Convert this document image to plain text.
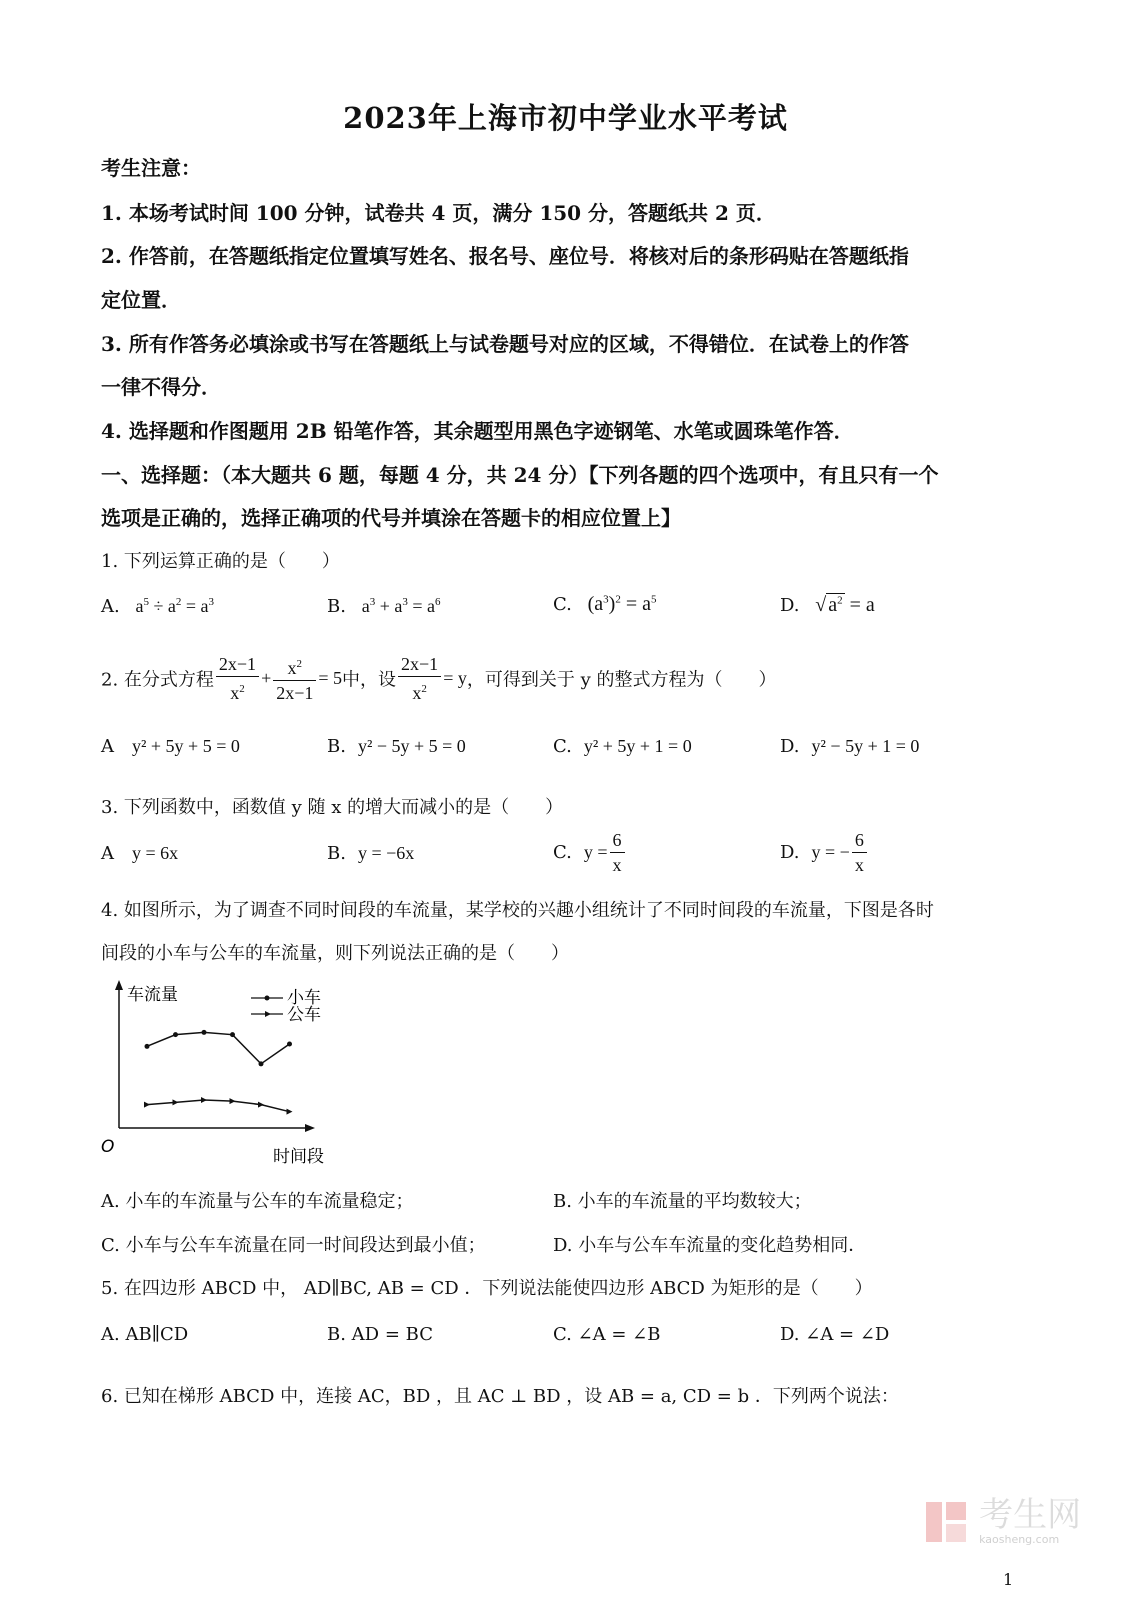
2023年上海市初中学业水平考试
考生注意：
1. 本场考试时间 100 分钟，试卷共 4 页，满分 150 分，答题纸共 2 页．
2. 作答前，在答题纸指定位置填写姓名、报名号、座位号．将核对后的条形码贴在答题纸指
定位置．
3. 所有作答务必填涂或书写在答题纸上与试卷题号对应的区域，不得错位．在试卷上的作答
一律不得分．
4. 选择题和作图题用 2B 铅笔作答，其余题型用黑色字迹钢笔、水笔或圆珠笔作答．
一、选择题：（本大题共 6 题，每题 4 分，共 24 分）【下列各题的四个选项中，有且只有一个
选项是正确的，选择正确项的代号并填涂在答题卡的相应位置上】
1. 下列运算正确的是（　　）
A. $a^5 \div a^2 = a^3$	B. $a^3 + a^3 = a^6$	C. $(a^3)^2 = a^5$	D. √ $a^2 = a$
2. 在分式方程 $\frac{2x-1}{x^2} + \frac{x^2}{2x-1} = 5$中，设 $\frac{2x-1}{x^2} = y$，可得到关于 y 的整式方程为（　　）
A y² + 5y + 5 = 0	B. y² − 5y + 5 = 0	C. y² + 5y + 1 = 0	D. y² − 5y + 1 = 0
3. 下列函数中，函数值 y 随 x 的增大而减小的是（　　）
A y = 6x	B. y = −6x	C. $y = \frac{6}{x}$	D. y = − $\frac{6}{x}$
4. 如图所示，为了调查不同时间段的车流量，某学校的兴趣小组统计了不同时间段的车流量，下图是各时
间段的小车与公车的车流量，则下列说法正确的是（　　）
车流量
时间段
O
小车
公车
A. 小车的车流量与公车的车流量稳定；	B. 小车的车流量的平均数较大；
C. 小车与公车车流量在同一时间段达到最小值；	D. 小车与公车车流量的变化趋势相同．
5. 在四边形 ABCD 中， AD∥BC, AB = CD ．下列说法能使四边形 ABCD 为矩形的是（　　）
A. AB∥CD	B. AD = BC	C. ∠A = ∠B	D. ∠A = ∠D
6. 已知在梯形 ABCD 中，连接 AC，BD ，且 AC ⊥ BD ，设 AB = a, CD = b ．下列两个说法：

考生网
kaosheng.com
1
